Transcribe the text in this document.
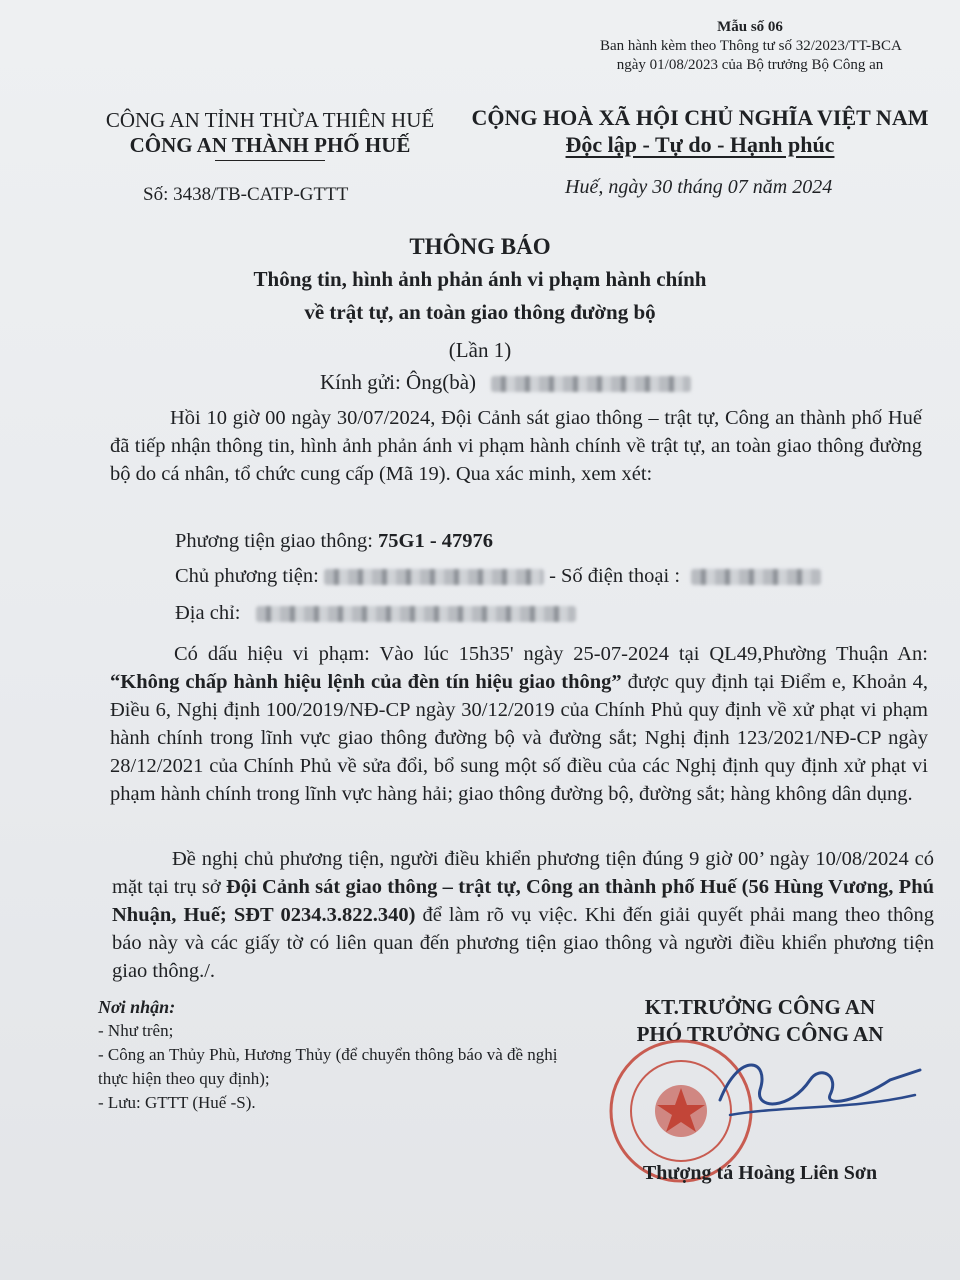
Mẫu số 06
Ban hành kèm theo Thông tư số 32/2023/TT-BCA
ngày 01/08/2023 của Bộ trưởng Bộ Công an
CÔNG AN TỈNH THỪA THIÊN HUẾ
CÔNG AN THÀNH PHỐ HUẾ
CỘNG HOÀ XÃ HỘI CHỦ NGHĨA VIỆT NAM
Độc lập - Tự do - Hạnh phúc
Số: 3438/TB-CATP-GTTT	Huế, ngày 30 tháng 07 năm 2024
THÔNG BÁO
Thông tin, hình ảnh phản ánh vi phạm hành chính
về trật tự, an toàn giao thông đường bộ
(Lần 1)
Kính gửi: Ông(bà)
Hồi 10 giờ 00 ngày 30/07/2024, Đội Cảnh sát giao thông – trật tự, Công an thành phố Huế đã tiếp nhận thông tin, hình ảnh phản ánh vi phạm hành chính về trật tự, an toàn giao thông đường bộ do cá nhân, tổ chức cung cấp (Mã 19). Qua xác minh, xem xét:
Phương tiện giao thông: 75G1 - 47976
Chủ phương tiện:	- Số điện thoại :
Địa chỉ:
Có dấu hiệu vi phạm: Vào lúc 15h35' ngày 25-07-2024 tại QL49,Phường Thuận An: “Không chấp hành hiệu lệnh của đèn tín hiệu giao thông” được quy định tại Điểm e, Khoản 4, Điều 6, Nghị định 100/2019/NĐ-CP ngày 30/12/2019 của Chính Phủ quy định về xử phạt vi phạm hành chính trong lĩnh vực giao thông đường bộ và đường sắt; Nghị định 123/2021/NĐ-CP ngày 28/12/2021 của Chính Phủ về sửa đổi, bổ sung một số điều của các Nghị định quy định xử phạt vi phạm hành chính trong lĩnh vực hàng hải; giao thông đường bộ, đường sắt; hàng không dân dụng.
Đề nghị chủ phương tiện, người điều khiển phương tiện đúng 9 giờ 00’ ngày 10/08/2024 có mặt tại trụ sở Đội Cảnh sát giao thông – trật tự, Công an thành phố Huế (56 Hùng Vương, Phú Nhuận, Huế; SĐT 0234.3.822.340) để làm rõ vụ việc. Khi đến giải quyết phải mang theo thông báo này và các giấy tờ có liên quan đến phương tiện giao thông và người điều khiển phương tiện giao thông./.
Nơi nhận:
- Như trên;
- Công an Thủy Phù, Hương Thủy (để chuyển thông báo và đề nghị thực hiện theo quy định);
- Lưu: GTTT (Huế -S).
KT.TRƯỞNG CÔNG AN
PHÓ TRƯỞNG CÔNG AN
Thượng tá Hoàng Liên Sơn
